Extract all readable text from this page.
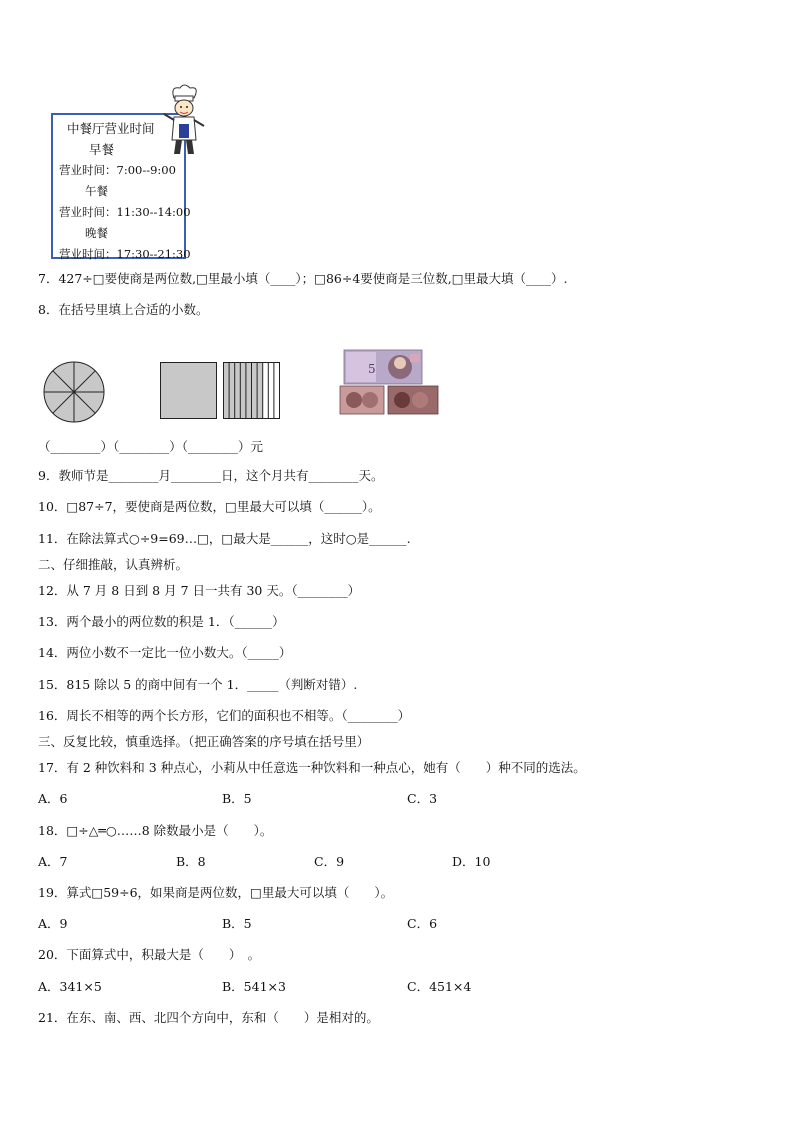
中餐厅营业时间
早餐
营业时间：7:00--9:00
午餐
营业时间：11:30--14:00
晚餐
营业时间：17:30--21:30
7．427÷□要使商是两位数,□里最小填（____）；□86÷4要使商是三位数,□里最大填（____）.
8．在括号里填上合适的小数。
5
（________）（________）（________）元
9．教师节是________月________日，这个月共有________天。
10．□87÷7，要使商是两位数，□里最大可以填（______）。
11．在除法算式○÷9=69…□，□最大是______，这时○是______.
二、仔细推敲，认真辨析。
12．从 7 月 8 日到 8 月 7 日一共有 30 天。（________）
13．两个最小的两位数的积是 1．（______）
14．两位小数不一定比一位小数大。（_____）
15．815 除以 5 的商中间有一个 1．_____（判断对错）.
16．周长不相等的两个长方形，它们的面积也不相等。（________）
三、反复比较，慎重选择。（把正确答案的序号填在括号里）
17．有 2 种饮料和 3 种点心，小莉从中任意选一种饮料和一种点心，她有（　　）种不同的选法。
A．6	B．5	C．3
18．□÷△═○……8 除数最小是（　　）。
A．7	B．8	C．9	D．10
19．算式□59÷6，如果商是两位数，□里最大可以填（　　）。
A．9	B．5	C．6
20．下面算式中，积最大是（　　）　。
A．341×5	B．541×3	C．451×4
21．在东、南、西、北四个方向中，东和（　　）是相对的。
